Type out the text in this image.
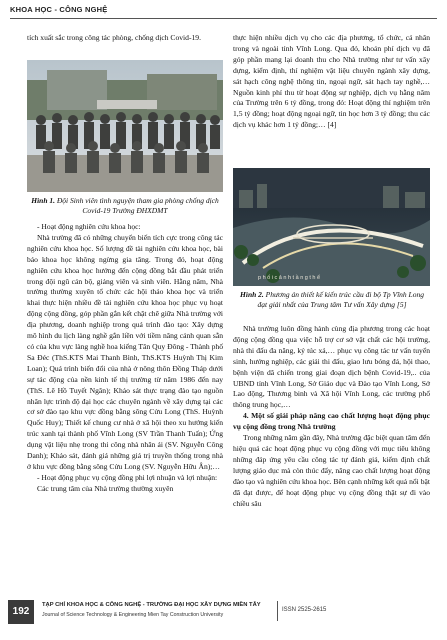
KHOA HỌC - CÔNG NGHỆ

tích xuất sắc trong công tác phòng, chống dịch Covid-19.

Hình 1. Đội Sinh viên tình nguyện tham gia phòng chống dịch Covid-19 Trường ĐHXDMT

- Hoạt động nghiên cứu khoa học:

Nhà trường đã có những chuyển biến tích cực trong công tác nghiên cứu khoa học. Số lượng đề tài nghiên cứu khoa học, bài báo khoa học không ngừng gia tăng. Trong đó, hoạt động nghiên cứu khoa học hướng đến cộng đồng bắt đầu phát triển trong đội ngũ cán bộ, giảng viên và sinh viên. Hằng năm, Nhà trường thường xuyên tổ chức các hội thảo khoa học và triển khai thực hiện nhiều đề tài nghiên cứu khoa học phục vụ hoạt động cộng đồng, góp phần gắn kết chặt chẽ giữa Nhà trường với địa phương, doanh nghiệp trong quá trình đào tạo: Xây dựng mô hình du lịch làng nghề gắn liền với tiềm năng cảnh quan sẵn có của khu vực làng nghề hoa kiểng Tân Quy Đông - Thành phố Sa Đéc (ThS.KTS Mai Thanh Bình, ThS.KTS Huỳnh Thị Kim Loan); Quá trình biến đổi của nhà ở nông thôn Đồng Tháp dưới sự tác động của nền kinh tế thị trường từ năm 1986 đến nay (ThS. Lê Hồ Tuyết Ngân); Khảo sát thực trạng đào tạo nguồn nhân lực trình độ đại học các chuyên ngành về xây dựng tại các cơ sở đào tạo khu vực đồng bằng sông Cửu Long (ThS. Huỳnh Quốc Huy); Thiết kế chung cư nhà ở xã hội theo xu hướng kiến trúc xanh tại thành phố Vĩnh Long (SV Trần Thanh Tuấn); Ứng dụng vật liệu nhẹ trong thi công nhà nhân ái (SV. Nguyễn Công Danh); Khảo sát, đánh giá những giá trị truyền thống trong nhà ở khu vực đồng bằng sông Cửu Long (SV. Nguyễn Hữu Ân);…

- Hoạt động phục vụ cộng đồng phi lợi nhuận và lợi nhuận:

Các trung tâm của Nhà trường thường xuyên

thực hiện nhiều dịch vụ cho các địa phương, tổ chức, cá nhân trong và ngoài tỉnh Vĩnh Long. Qua đó, khoản phí dịch vụ đã góp phần mang lại doanh thu cho Nhà trường như tư vấn xây dựng, kiểm định, thí nghiệm vật liệu chuyên ngành xây dựng, sát hạch công nghệ thông tin, ngoại ngữ, sát hạch tay nghề,… Nguồn kinh phí thu từ hoạt động sự nghiệp, dịch vụ hằng năm của Trường trên 6 tỷ đồng, trong đó: Hoạt động thí nghiệm trên 1,5 tỷ đồng; hoạt động ngoại ngữ, tin học hơn 3 tỷ đồng; thu các dịch vụ khác hơn 1 tỷ đồng;… [4]

p h ố i c ả n h t ầ n g t h ể
Hình 2. Phương án thiết kế kiến trúc cầu đi bộ Tp Vĩnh Long đạt giải nhất của Trung tâm Tư vấn Xây dựng [5]

Nhà trường luôn đồng hành cùng địa phương trong các hoạt động cộng đồng qua việc hỗ trợ cơ sở vật chất các hội trường, nhà thi đấu đa năng, ký túc xá,… phục vụ công tác tư vấn tuyển sinh, hướng nghiệp, các giải thi đấu, giao lưu bóng đá, hội thao, bệnh viện dã chiến trong giai đoạn dịch bệnh Covid-19,.. của UBND tỉnh Vĩnh Long, Sở Giáo dục và Đào tạo Vĩnh Long, Sở Lao động, Thương binh và Xã hội Vĩnh Long, các trường phổ thông trung học,…

4. Một số giải pháp nâng cao chất lượng hoạt động phục vụ cộng đồng trong Nhà trường

Trong những năm gần đây, Nhà trường đặc biệt quan tâm đến hiệu quả các hoạt động phục vụ cộng đồng với mục tiêu không những đáp ứng yêu cầu công tác tự đánh giá, kiểm định chất lượng giáo dục mà còn thúc đẩy, nâng cao chất lượng hoạt động đào tạo và nghiên cứu khoa học. Bên cạnh những kết quả nổi bật đã đạt được, để hoạt động phục vụ cộng đồng thật sự đi vào chiều sâu

192
TẠP CHÍ KHOA HỌC & CÔNG NGHỆ - TRƯỜNG ĐẠI HỌC XÂY DỰNG MIỀN TÂY
Journal of Science Technology & Engineering Mien Tay Construction University
ISSN 2525-2615
